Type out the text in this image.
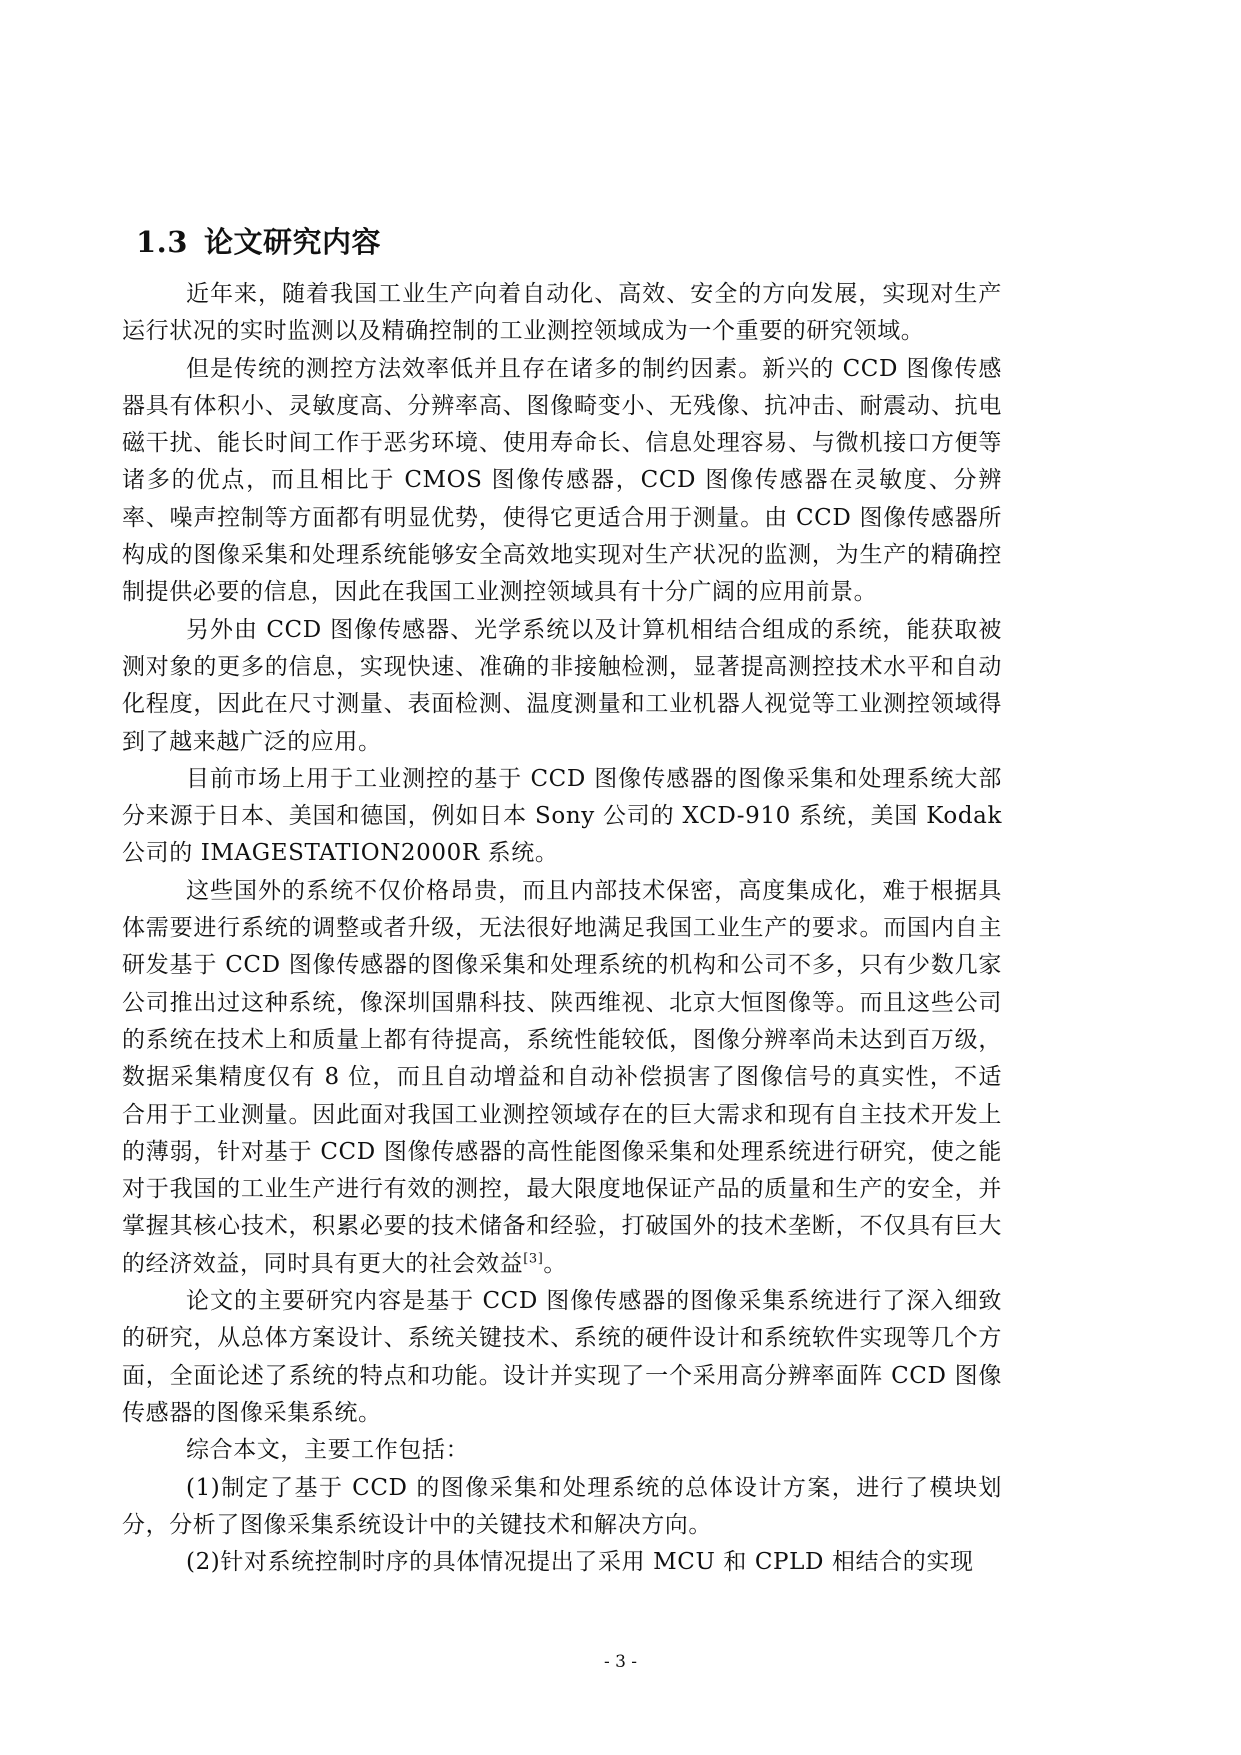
1.3 论文研究内容

近年来，随着我国工业生产向着自动化、高效、安全的方向发展，实现对生产运行状况的实时监测以及精确控制的工业测控领域成为一个重要的研究领域。

但是传统的测控方法效率低并且存在诸多的制约因素。新兴的 CCD 图像传感器具有体积小、灵敏度高、分辨率高、图像畸变小、无残像、抗冲击、耐震动、抗电磁干扰、能长时间工作于恶劣环境、使用寿命长、信息处理容易、与微机接口方便等诸多的优点，而且相比于 CMOS 图像传感器，CCD 图像传感器在灵敏度、分辨率、噪声控制等方面都有明显优势，使得它更适合用于测量。由 CCD 图像传感器所构成的图像采集和处理系统能够安全高效地实现对生产状况的监测，为生产的精确控制提供必要的信息，因此在我国工业测控领域具有十分广阔的应用前景。

另外由 CCD 图像传感器、光学系统以及计算机相结合组成的系统，能获取被测对象的更多的信息，实现快速、准确的非接触检测，显著提高测控技术水平和自动化程度，因此在尺寸测量、表面检测、温度测量和工业机器人视觉等工业测控领域得到了越来越广泛的应用。

目前市场上用于工业测控的基于 CCD 图像传感器的图像采集和处理系统大部分来源于日本、美国和德国，例如日本 Sony 公司的 XCD-910 系统，美国 Kodak 公司的 IMAGESTATION2000R 系统。

这些国外的系统不仅价格昂贵，而且内部技术保密，高度集成化，难于根据具体需要进行系统的调整或者升级，无法很好地满足我国工业生产的要求。而国内自主研发基于 CCD 图像传感器的图像采集和处理系统的机构和公司不多，只有少数几家公司推出过这种系统，像深圳国鼎科技、陕西维视、北京大恒图像等。而且这些公司的系统在技术上和质量上都有待提高，系统性能较低，图像分辨率尚未达到百万级，数据采集精度仅有 8 位，而且自动增益和自动补偿损害了图像信号的真实性，不适合用于工业测量。因此面对我国工业测控领域存在的巨大需求和现有自主技术开发上的薄弱，针对基于 CCD 图像传感器的高性能图像采集和处理系统进行研究，使之能对于我国的工业生产进行有效的测控，最大限度地保证产品的质量和生产的安全，并掌握其核心技术，积累必要的技术储备和经验，打破国外的技术垄断，不仅具有巨大的经济效益，同时具有更大的社会效益[3]。

论文的主要研究内容是基于 CCD 图像传感器的图像采集系统进行了深入细致的研究，从总体方案设计、系统关键技术、系统的硬件设计和系统软件实现等几个方面，全面论述了系统的特点和功能。设计并实现了一个采用高分辨率面阵 CCD 图像传感器的图像采集系统。

综合本文，主要工作包括：

(1)制定了基于 CCD 的图像采集和处理系统的总体设计方案，进行了模块划分，分析了图像采集系统设计中的关键技术和解决方向。

(2)针对系统控制时序的具体情况提出了采用 MCU 和 CPLD 相结合的实现

- 3 -
